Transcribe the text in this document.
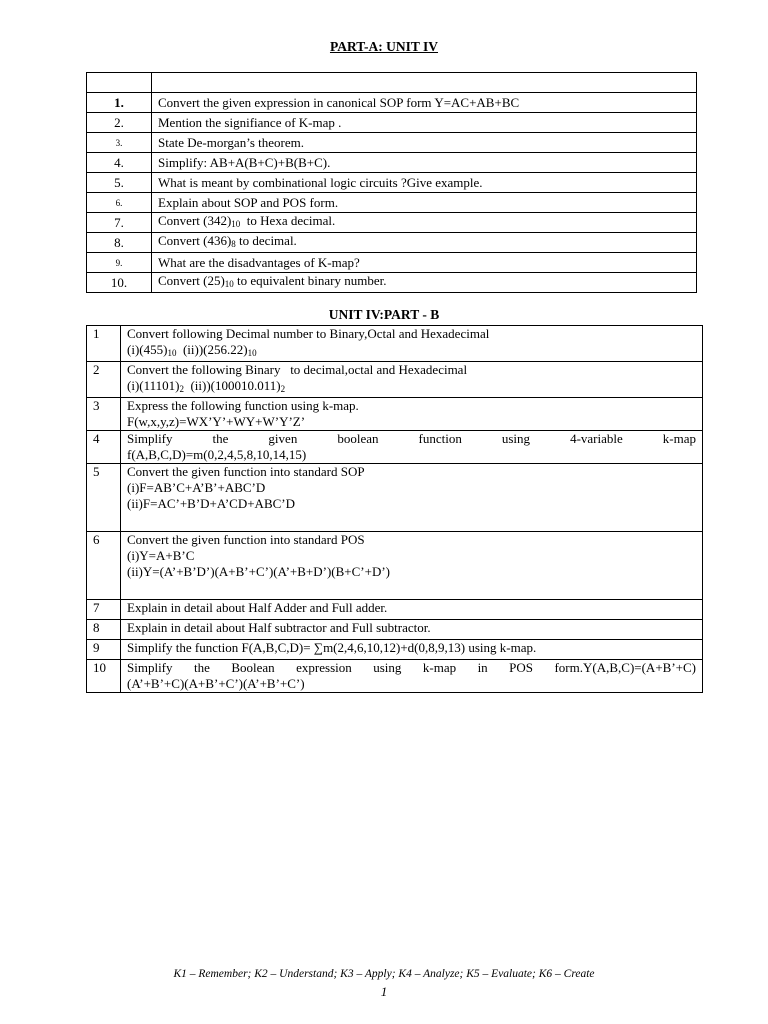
PART-A: UNIT IV

1.	Convert the given expression in canonical SOP form Y=AC+AB+BC
2.	Mention the signifiance of K-map .
3.	State De-morgan’s theorem.
4.	Simplify: AB+A(B+C)+B(B+C).
5.	What is meant by combinational logic circuits ?Give example.
6.	Explain about SOP and POS form.
7.	Convert $(342)_{10}$  to Hexa decimal.
8.	Convert $(436)_8$ to decimal.
9.	What are the disadvantages of K-map?
10.	Convert $(25)_{10}$ to equivalent binary number.
UNIT IV:PART - B
1	Convert following Decimal number to Binary,Octal and Hexadecimal
$(i)(455)_{10}$  $(ii))(256.22)_{10}$

2	Convert the following Binary   to decimal,octal and Hexadecimal
$(i)(11101)_2$  $(ii))(100010.011)_2$

3	Express the following function using k-map.
F(w,x,y,z)=WX’Y’+WY+W’Y’Z’

4	Simplify the given boolean function using 4-variable k-map
f(A,B,C,D)=m(0,2,4,5,8,10,14,15)

5	Convert the given function into standard SOP
(i)F=AB’C+A’B’+ABC’D
(ii)F=AC’+B’D+A’CD+ABC’D

6	Convert the given function into standard POS
(i)Y=A+B’C
(ii)Y=(A’+B’D’)(A+B’+C’)(A’+B+D’)(B+C’+D’)

7	Explain in detail about Half Adder and Full adder.
8	Explain in detail about Half subtractor and Full subtractor.
9	Simplify the function F(A,B,C,D)= ∑m(2,4,6,10,12)+d(0,8,9,13) using k-map.
10	Simplify the Boolean expression using k-map in POS form.Y(A,B,C)=(A+B’+C)
(A’+B’+C)(A+B’+C’)(A’+B’+C’)
K1 – Remember; K2 – Understand; K3 – Apply; K4 – Analyze; K5 – Evaluate; K6 – Create
1
